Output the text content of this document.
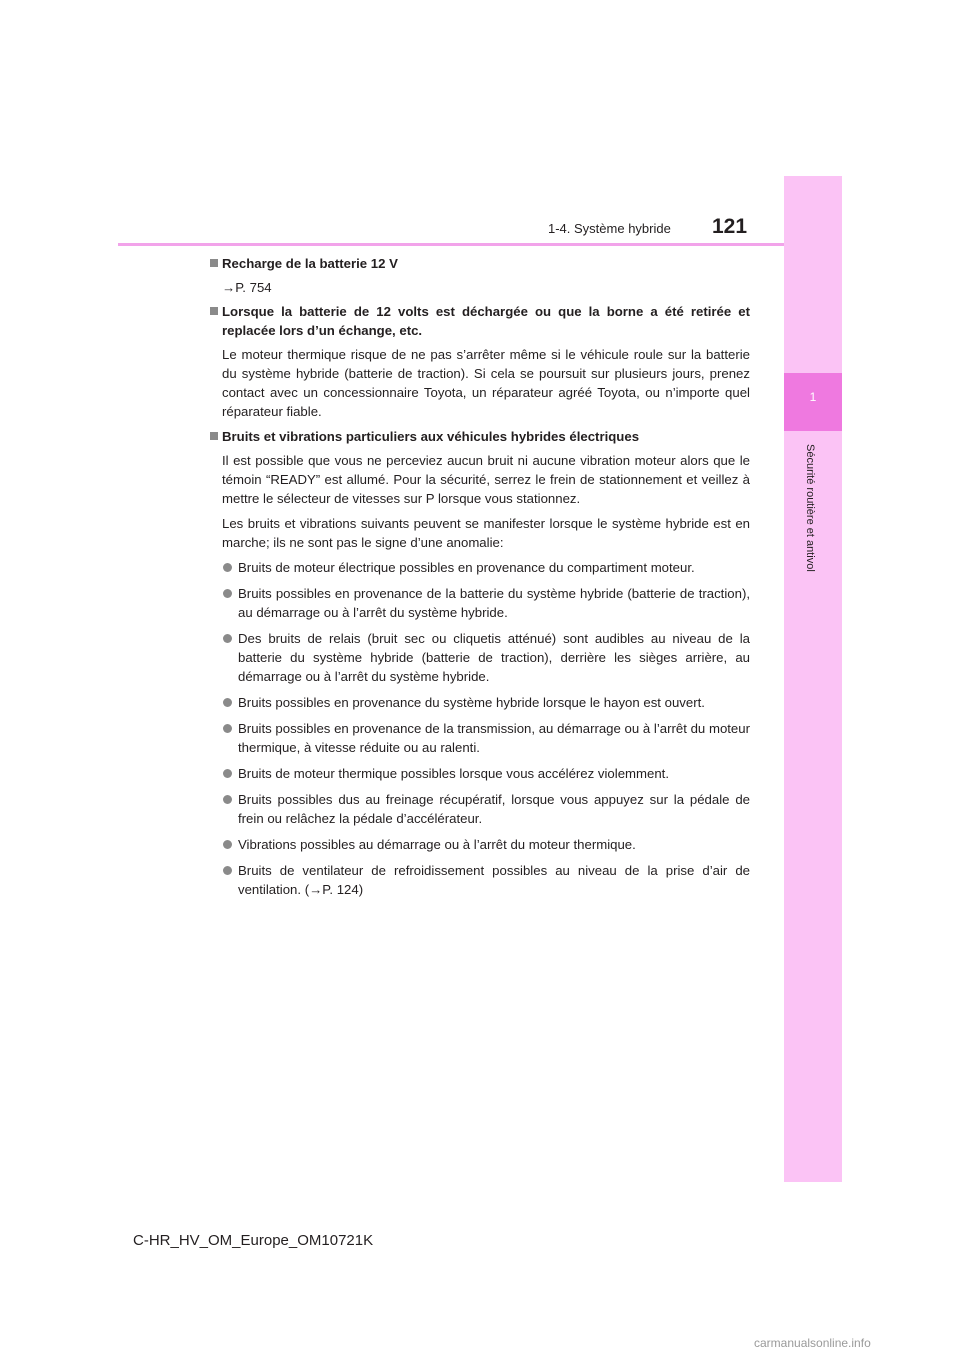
1
Sécurité routière et antivol
1-4. Système hybride 121
Recharge de la batterie 12 V
→P. 754
Lorsque la batterie de 12 volts est déchargée ou que la borne a été retirée et replacée lors d’un échange, etc.
Le moteur thermique risque de ne pas s’arrêter même si le véhicule roule sur la batterie du système hybride (batterie de traction). Si cela se poursuit sur plusieurs jours, prenez contact avec un concessionnaire Toyota, un réparateur agréé Toyota, ou n’importe quel réparateur fiable.
Bruits et vibrations particuliers aux véhicules hybrides électriques
Il est possible que vous ne perceviez aucun bruit ni aucune vibration moteur alors que le témoin “READY” est allumé. Pour la sécurité, serrez le frein de stationnement et veillez à mettre le sélecteur de vitesses sur P lorsque vous stationnez.
Les bruits et vibrations suivants peuvent se manifester lorsque le système hybride est en marche; ils ne sont pas le signe d’une anomalie:
Bruits de moteur électrique possibles en provenance du compartiment moteur.
Bruits possibles en provenance de la batterie du système hybride (batterie de traction), au démarrage ou à l’arrêt du système hybride.
Des bruits de relais (bruit sec ou cliquetis atténué) sont audibles au niveau de la batterie du système hybride (batterie de traction), derrière les sièges arrière, au démarrage ou à l’arrêt du système hybride.
Bruits possibles en provenance du système hybride lorsque le hayon est ouvert.
Bruits possibles en provenance de la transmission, au démarrage ou à l’arrêt du moteur thermique, à vitesse réduite ou au ralenti.
Bruits de moteur thermique possibles lorsque vous accélérez violemment.
Bruits possibles dus au freinage récupératif, lorsque vous appuyez sur la pédale de frein ou relâchez la pédale d’accélérateur.
Vibrations possibles au démarrage ou à l’arrêt du moteur thermique.
Bruits de ventilateur de refroidissement possibles au niveau de la prise d’air de ventilation. (→P. 124)
C-HR_HV_OM_Europe_OM10721K
carmanualsonline.info
